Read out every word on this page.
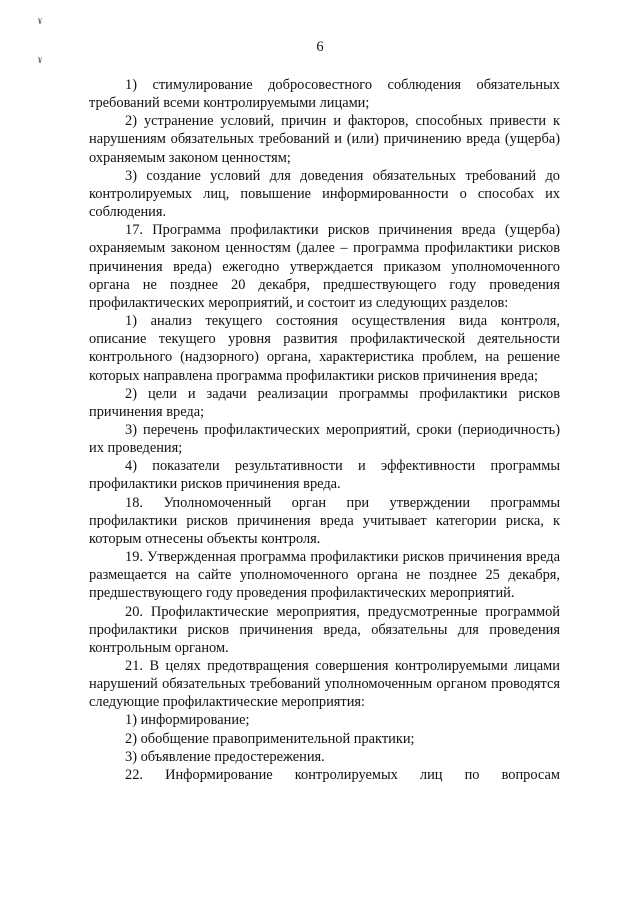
¥
¥
6

1) стимулирование добросовестного соблюдения обязательных требований всеми контролируемыми лицами;

2) устранение условий, причин и факторов, способных привести к нарушениям обязательных требований и (или) причинению вреда (ущерба) охраняемым законом ценностям;

3) создание условий для доведения обязательных требований до контролируемых лиц, повышение информированности о способах их соблюдения.

17. Программа профилактики рисков причинения вреда (ущерба) охраняемым законом ценностям (далее – программа профилактики рисков причинения вреда) ежегодно утверждается приказом уполномоченного органа не позднее 20 декабря, предшествующего году проведения профилактических мероприятий, и состоит из следующих разделов:

1) анализ текущего состояния осуществления вида контроля, описание текущего уровня развития профилактической деятельности контрольного (надзорного) органа, характеристика проблем, на решение которых направлена программа профилактики рисков причинения вреда;

2) цели и задачи реализации программы профилактики рисков причинения вреда;

3) перечень профилактических мероприятий, сроки (периодичность) их проведения;

4) показатели результативности и эффективности программы профилактики рисков причинения вреда.

18. Уполномоченный орган при утверждении программы профилактики рисков причинения вреда учитывает категории риска, к которым отнесены объекты контроля.

19. Утвержденная программа профилактики рисков причинения вреда размещается на сайте уполномоченного органа не позднее 25 декабря, предшествующего году проведения профилактических мероприятий.

20. Профилактические мероприятия, предусмотренные программой профилактики рисков причинения вреда, обязательны для проведения контрольным органом.

21. В целях предотвращения совершения контролируемыми лицами нарушений обязательных требований уполномоченным органом проводятся следующие профилактические мероприятия:

1) информирование;

2) обобщение правоприменительной практики;

3) объявление предостережения.

22. Информирование контролируемых лиц по вопросам
